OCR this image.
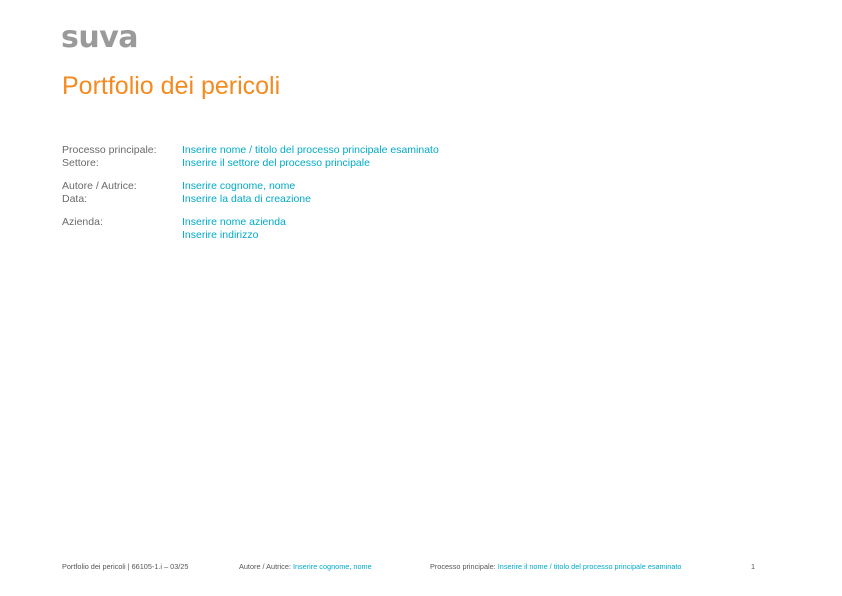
suva
Portfolio dei pericoli
Processo principale:	Inserire nome / titolo del processo principale esaminato
Settore:	Inserire il settore del processo principale
Autore / Autrice:	Inserire cognome, nome
Data:	Inserire la data di creazione
Azienda:	Inserire nome azienda
Inserire indirizzo
Portfolio dei pericoli | 66105-1.i – 03/25	Autore / Autrice: Inserire cognome, nome	Processo principale: Inserire il nome / titolo del processo principale esaminato	1
